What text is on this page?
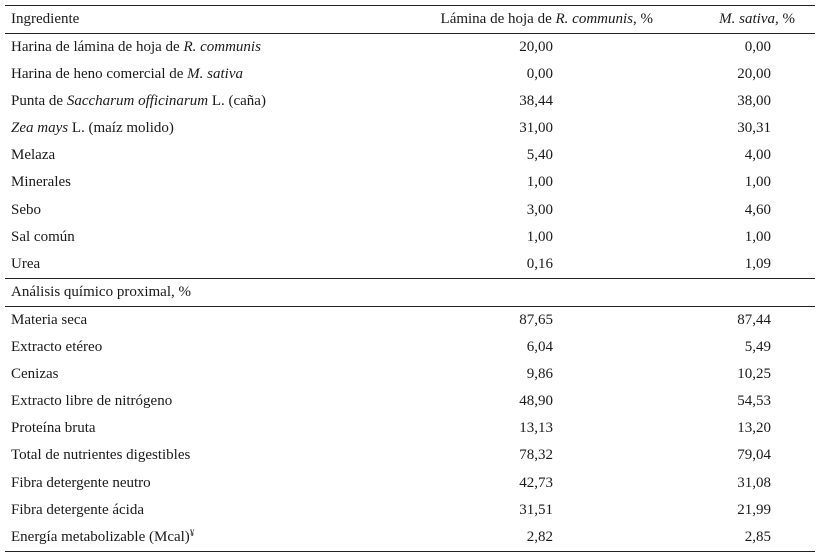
Ingrediente	Lámina de hoja de R. communis, %	M. sativa, %
Harina de lámina de hoja de R. communis	20,00	0,00
Harina de heno comercial de M. sativa	0,00	20,00
Punta de Saccharum officinarum L. (caña)	38,44	38,00
Zea mays L. (maíz molido)	31,00	30,31
Melaza	5,40	4,00
Minerales	1,00	1,00
Sebo	3,00	4,60
Sal común	1,00	1,00
Urea	0,16	1,09
Análisis químico proximal, %
Materia seca	87,65	87,44
Extracto etéreo	6,04	5,49
Cenizas	9,86	10,25
Extracto libre de nitrógeno	48,90	54,53
Proteína bruta	13,13	13,20
Total de nutrientes digestibles	78,32	79,04
Fibra detergente neutro	42,73	31,08
Fibra detergente ácida	31,51	21,99
Energía metabolizable (Mcal)¥	2,82	2,85
